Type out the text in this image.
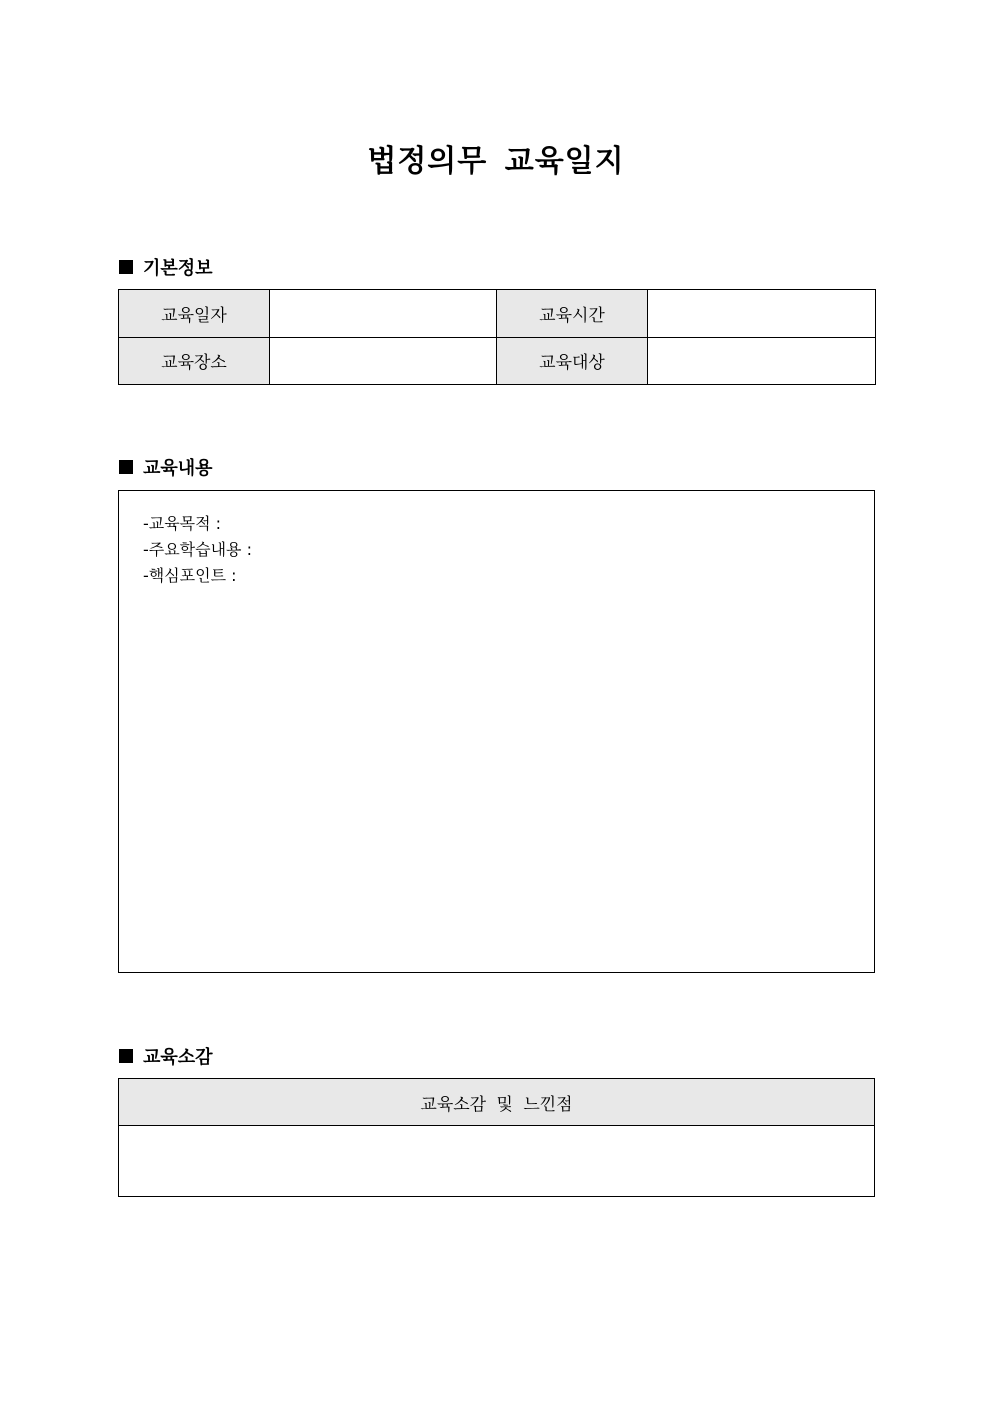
법정의무 교육일지
기본정보
교육일자		교육시간	
교육장소		교육대상	
교육내용
-교육목적 :
-주요학습내용 :
-핵심포인트 :
교육소감
교육소감 및 느낀점
